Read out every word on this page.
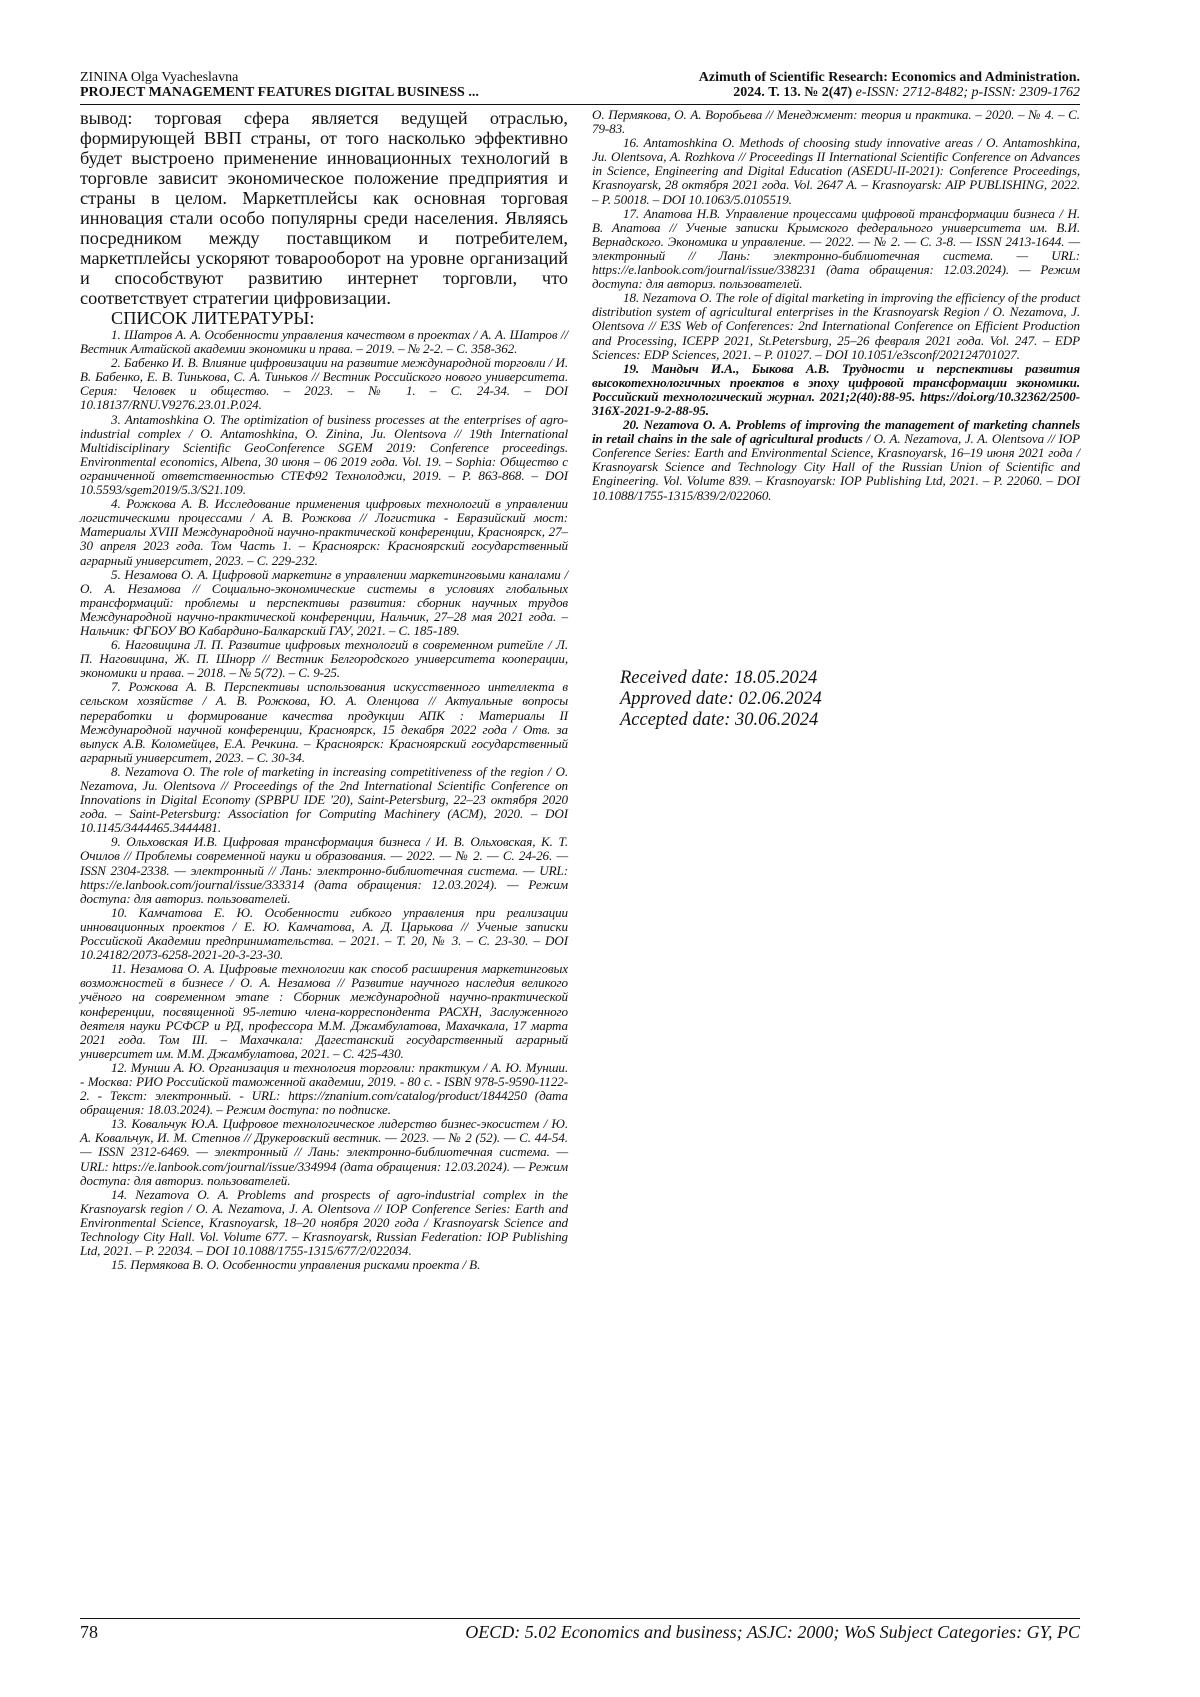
ZININA Olga Vyacheslavna
PROJECT MANAGEMENT FEATURES DIGITAL BUSINESS ...
Azimuth of Scientific Research: Economics and Administration.
2024. Т. 13. № 2(47) e-ISSN: 2712-8482; p-ISSN: 2309-1762

вывод: торговая сфера является ведущей отраслью, формирующей ВВП страны, от того насколько эффективно будет выстроено применение инновационных технологий в торговле зависит экономическое положение предприятия и страны в целом. Маркетплейсы как основная торговая инновация стали особо популярны среди населения. Являясь посредником между поставщиком и потребителем, маркетплейсы ускоряют товарооборот на уровне организаций и способствуют развитию интернет торговли, что соответствует стратегии цифровизации.

СПИСОК ЛИТЕРАТУРЫ:

1. Шатров А. А. Особенности управления качеством в проектах / А. А. Шатров // Вестник Алтайской академии экономики и права. – 2019. – № 2-2. – С. 358-362.

2. Бабенко И. В. Влияние цифровизации на развитие международной торговли / И. В. Бабенко, Е. В. Тинькова, С. А. Тиньков // Вестник Российского нового университета. Серия: Человек и общество. – 2023. – № 1. – С. 24-34. – DOI 10.18137/RNU.V9276.23.01.P.024.

3. Antamoshkina O. The optimization of business processes at the enterprises of agro-industrial complex / O. Antamoshkina, O. Zinina, Ju. Olentsova // 19th International Multidisciplinary Scientific GeoConference SGEM 2019: Conference proceedings. Environmental economics, Albena, 30 июня – 06 2019 года. Vol. 19. – Sophia: Общество с ограниченной ответственностью СТЕФ92 Технолоджи, 2019. – P. 863-868. – DOI 10.5593/sgem2019/5.3/S21.109.

4. Рожкова А. В. Исследование применения цифровых технологий в управлении логистическими процессами / А. В. Рожкова // Логистика - Евразийский мост: Материалы XVIII Международной научно-практической конференции, Красноярск, 27–30 апреля 2023 года. Том Часть 1. – Красноярск: Красноярский государственный аграрный университет, 2023. – С. 229-232.

5. Незамова О. А. Цифровой маркетинг в управлении маркетинговыми каналами / О. А. Незамова // Социально-экономические системы в условиях глобальных трансформаций: проблемы и перспективы развития: сборник научных трудов Международной научно-практической конференции, Нальчик, 27–28 мая 2021 года. – Нальчик: ФГБОУ ВО Кабардино-Балкарский ГАУ, 2021. – С. 185-189.

6. Наговицина Л. П. Развитие цифровых технологий в современном ритейле / Л. П. Наговицина, Ж. П. Шнорр // Вестник Белгородского университета кооперации, экономики и права. – 2018. – № 5(72). – С. 9-25.

7. Рожкова А. В. Перспективы использования искусственного интеллекта в сельском хозяйстве / А. В. Рожкова, Ю. А. Оленцова // Актуальные вопросы переработки и формирование качества продукции АПК : Материалы II Международной научной конференции, Красноярск, 15 декабря 2022 года / Отв. за выпуск А.В. Коломейцев, Е.А. Речкина. – Красноярск: Красноярский государственный аграрный университет, 2023. – С. 30-34.

8. Nezamova O. The role of marketing in increasing competitiveness of the region / O. Nezamova, Ju. Olentsova // Proceedings of the 2nd International Scientific Conference on Innovations in Digital Economy (SPBPU IDE '20), Saint-Petersburg, 22–23 октября 2020 года. – Saint-Petersburg: Association for Computing Machinery (ACM), 2020. – DOI 10.1145/3444465.3444481.

9. Ольховская И.В. Цифровая трансформация бизнеса / И. В. Ольховская, К. Т. Очилов // Проблемы современной науки и образования. — 2022. — № 2. — С. 24-26. — ISSN 2304-2338. — электронный // Лань: электронно-библиотечная система. — URL: https://e.lanbook.com/journal/issue/333314 (дата обращения: 12.03.2024). — Режим доступа: для авториз. пользователей.

10. Камчатова Е. Ю. Особенности гибкого управления при реализации инновационных проектов / Е. Ю. Камчатова, А. Д. Царькова // Ученые записки Российской Академии предпринимательства. – 2021. – Т. 20, № 3. – С. 23-30. – DOI 10.24182/2073-6258-2021-20-3-23-30.

11. Незамова О. А. Цифровые технологии как способ расширения маркетинговых возможностей в бизнесе / О. А. Незамова // Развитие научного наследия великого учёного на современном этапе : Сборник международной научно-практической конференции, посвященной 95-летию члена-корреспондента РАСХН, Заслуженного деятеля науки РСФСР и РД, профессора М.М. Джамбулатова, Махачкала, 17 марта 2021 года. Том III. – Махачкала: Дагестанский государственный аграрный университет им. М.М. Джамбулатова, 2021. – С. 425-430.

12. Мунши А. Ю. Организация и технология торговли: практикум / А. Ю. Мунши. - Москва: РИО Российской таможенной академии, 2019. - 80 с. - ISBN 978-5-9590-1122-2. - Текст: электронный. - URL: https://znanium.com/catalog/product/1844250 (дата обращения: 18.03.2024). – Режим доступа: по подписке.

13. Ковальчук Ю.А. Цифровое технологическое лидерство бизнес-экосистем / Ю. А. Ковальчук, И. М. Степнов // Друкеровский вестник. — 2023. — № 2 (52). — С. 44-54. — ISSN 2312-6469. — электронный // Лань: электронно-библиотечная система. — URL: https://e.lanbook.com/journal/issue/334994 (дата обращения: 12.03.2024). — Режим доступа: для авториз. пользователей.

14. Nezamova O. A. Problems and prospects of agro-industrial complex in the Krasnoyarsk region / O. A. Nezamova, J. A. Olentsova // IOP Conference Series: Earth and Environmental Science, Krasnoyarsk, 18–20 ноября 2020 года / Krasnoyarsk Science and Technology City Hall. Vol. Volume 677. – Krasnoyarsk, Russian Federation: IOP Publishing Ltd, 2021. – P. 22034. – DOI 10.1088/1755-1315/677/2/022034.

15. Пермякова В. О. Особенности управления рисками проекта / В.

О. Пермякова, О. А. Воробьева // Менеджмент: теория и практика. – 2020. – № 4. – С. 79-83.

16. Antamoshkina O. Methods of choosing study innovative areas / O. Antamoshkina, Ju. Olentsova, A. Rozhkova // Proceedings II International Scientific Conference on Advances in Science, Engineering and Digital Education (ASEDU-II-2021): Conference Proceedings, Krasnoyarsk, 28 октября 2021 года. Vol. 2647 A. – Krasnoyarsk: AIP PUBLISHING, 2022. – P. 50018. – DOI 10.1063/5.0105519.

17. Апатова Н.В. Управление процессами цифровой трансформации бизнеса / Н. В. Апатова // Ученые записки Крымского федерального университета им. В.И. Вернадского. Экономика и управление. — 2022. — № 2. — С. 3-8. — ISSN 2413-1644. — электронный // Лань: электронно-библиотечная система. — URL: https://e.lanbook.com/journal/issue/338231 (дата обращения: 12.03.2024). — Режим доступа: для авториз. пользователей.

18. Nezamova O. The role of digital marketing in improving the efficiency of the product distribution system of agricultural enterprises in the Krasnoyarsk Region / O. Nezamova, J. Olentsova // E3S Web of Conferences: 2nd International Conference on Efficient Production and Processing, ICEPP 2021, St.Petersburg, 25–26 февраля 2021 года. Vol. 247. – EDP Sciences: EDP Sciences, 2021. – P. 01027. – DOI 10.1051/e3sconf/202124701027.

19. Мандыч И.А., Быкова А.В. Трудности и перспективы развития высокотехнологичных проектов в эпоху цифровой трансформации экономики. Российский технологический журнал. 2021;2(40):88-95. https://doi.org/10.32362/2500-316X-2021-9-2-88-95.

20. Nezamova O. A. Problems of improving the management of marketing channels in retail chains in the sale of agricultural products / O. A. Nezamova, J. A. Olentsova // IOP Conference Series: Earth and Environmental Science, Krasnoyarsk, 16–19 июня 2021 года / Krasnoyarsk Science and Technology City Hall of the Russian Union of Scientific and Engineering. Vol. Volume 839. – Krasnoyarsk: IOP Publishing Ltd, 2021. – P. 22060. – DOI 10.1088/1755-1315/839/2/022060.

Received date: 18.05.2024
Approved date: 02.06.2024
Accepted date: 30.06.2024
78	OECD: 5.02 Economics and business; ASJC: 2000; WoS Subject Categories: GY, PC
